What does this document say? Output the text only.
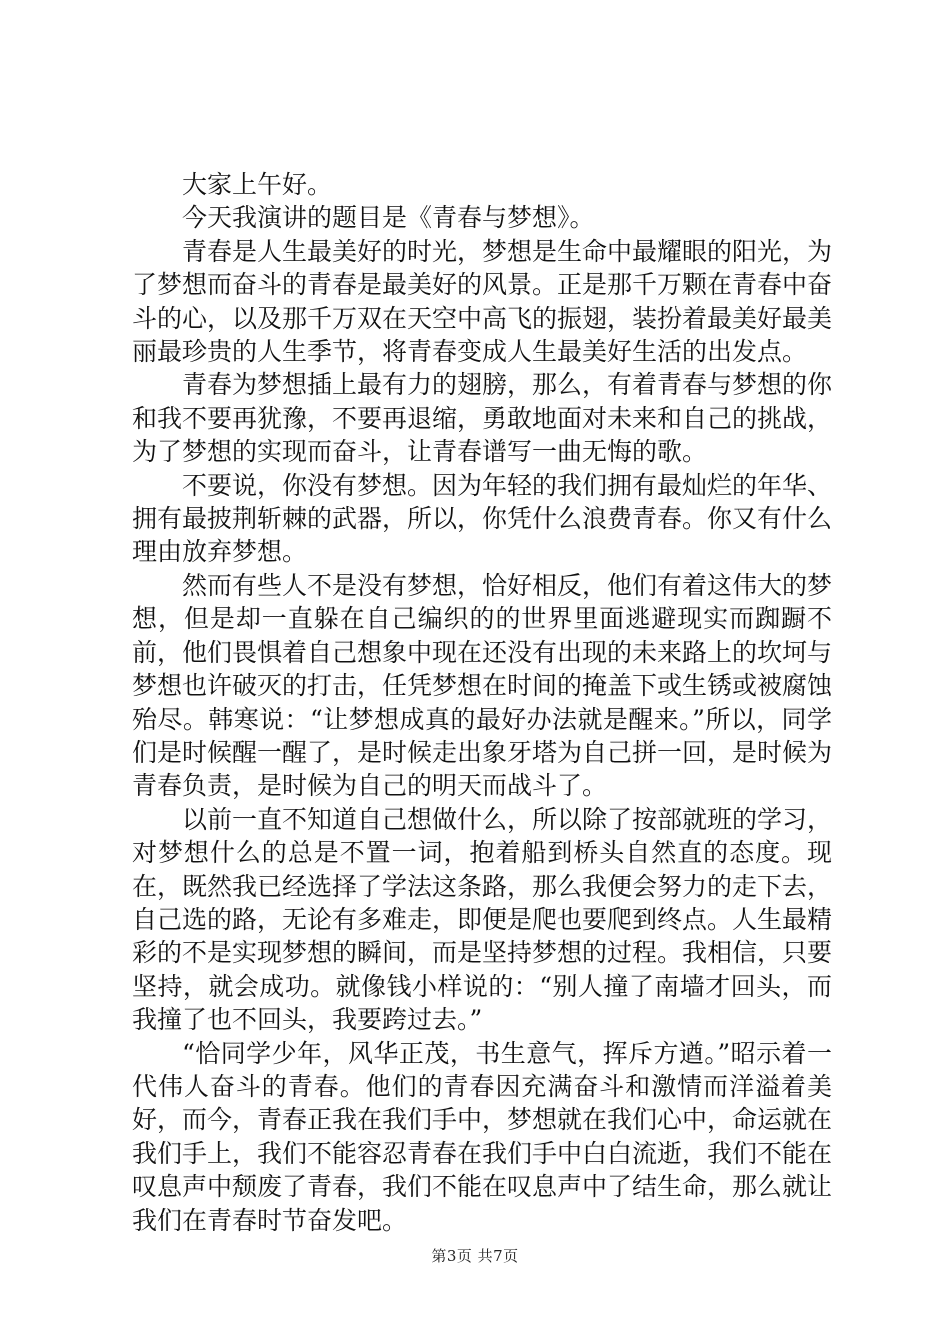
大家上午好。

今天我演讲的题目是《青春与梦想》。

青春是人生最美好的时光，梦想是生命中最耀眼的阳光，为了梦想而奋斗的青春是最美好的风景。正是那千万颗在青春中奋斗的心，以及那千万双在天空中高飞的振翅，装扮着最美好最美丽最珍贵的人生季节，将青春变成人生最美好生活的出发点。

青春为梦想插上最有力的翅膀，那么，有着青春与梦想的你和我不要再犹豫，不要再退缩，勇敢地面对未来和自己的挑战，为了梦想的实现而奋斗，让青春谱写一曲无悔的歌。

不要说，你没有梦想。因为年轻的我们拥有最灿烂的年华、拥有最披荆斩棘的武器，所以，你凭什么浪费青春。你又有什么理由放弃梦想。

然而有些人不是没有梦想，恰好相反，他们有着这伟大的梦想，但是却一直躲在自己编织的的世界里面逃避现实而踟蹰不前，他们畏惧着自己想象中现在还没有出现的未来路上的坎坷与梦想也许破灭的打击，任凭梦想在时间的掩盖下或生锈或被腐蚀殆尽。韩寒说：“让梦想成真的最好办法就是醒来。”所以，同学们是时候醒一醒了，是时候走出象牙塔为自己拼一回，是时候为青春负责，是时候为自己的明天而战斗了。

以前一直不知道自己想做什么，所以除了按部就班的学习，对梦想什么的总是不置一词，抱着船到桥头自然直的态度。现在，既然我已经选择了学法这条路，那么我便会努力的走下去，自己选的路，无论有多难走，即便是爬也要爬到终点。人生最精彩的不是实现梦想的瞬间，而是坚持梦想的过程。我相信，只要坚持，就会成功。就像钱小样说的：“别人撞了南墙才回头，而我撞了也不回头，我要跨过去。”

“恰同学少年，风华正茂，书生意气，挥斥方遒。”昭示着一代伟人奋斗的青春。他们的青春因充满奋斗和激情而洋溢着美好，而今，青春正我在我们手中，梦想就在我们心中，命运就在我们手上，我们不能容忍青春在我们手中白白流逝，我们不能在叹息声中颓废了青春，我们不能在叹息声中了结生命，那么就让我们在青春时节奋发吧。

第3页 共7页
